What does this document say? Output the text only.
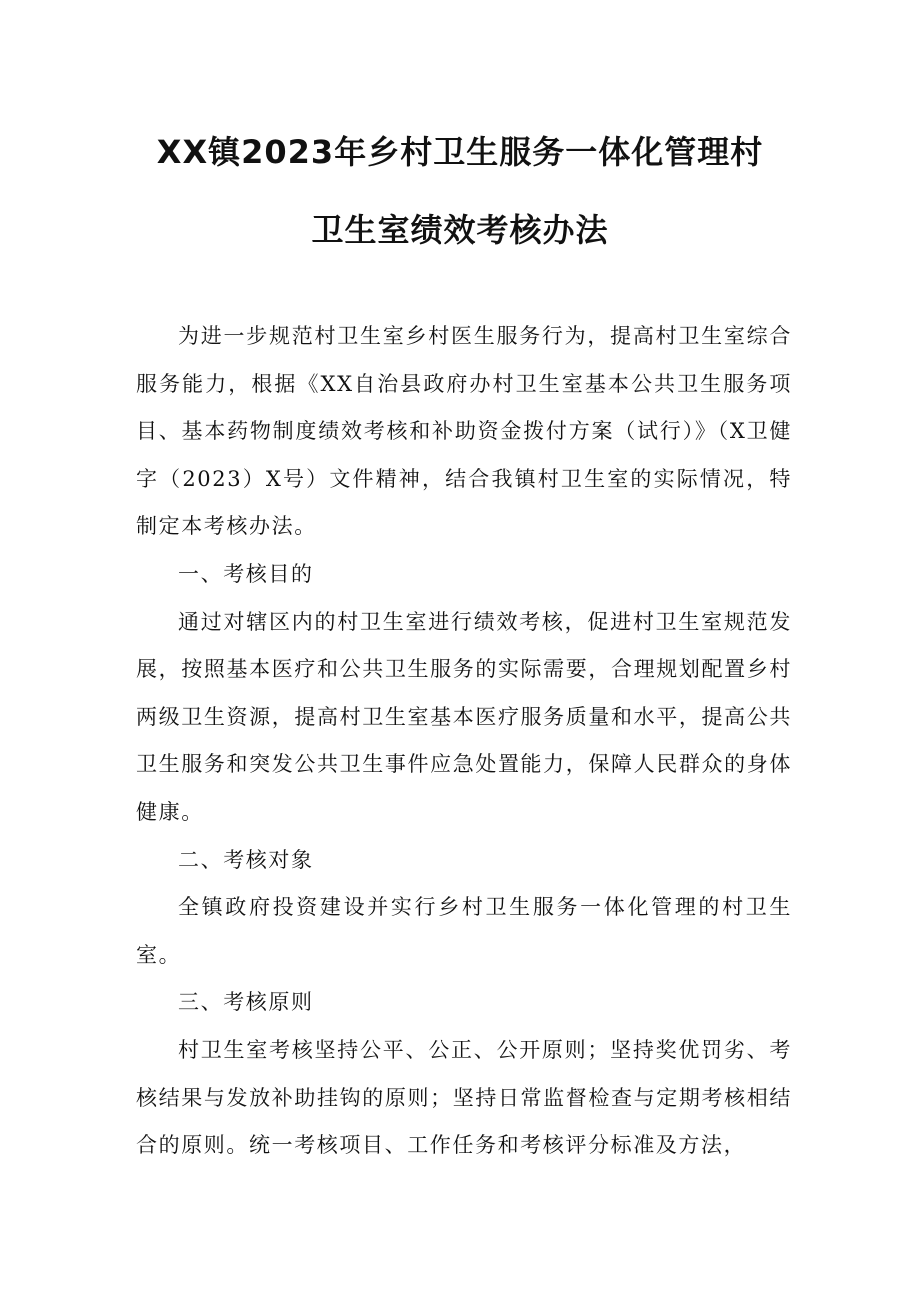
XX镇2023年乡村卫生服务一体化管理村
卫生室绩效考核办法

为进一步规范村卫生室乡村医生服务行为，提高村卫生室综合服务能力，根据《XX自治县政府办村卫生室基本公共卫生服务项目、基本药物制度绩效考核和补助资金拨付方案（试行）》（X卫健字（2023）X号）文件精神，结合我镇村卫生室的实际情况，特制定本考核办法。

一、考核目的

通过对辖区内的村卫生室进行绩效考核，促进村卫生室规范发展，按照基本医疗和公共卫生服务的实际需要，合理规划配置乡村两级卫生资源，提高村卫生室基本医疗服务质量和水平，提高公共卫生服务和突发公共卫生事件应急处置能力，保障人民群众的身体健康。

二、考核对象

全镇政府投资建设并实行乡村卫生服务一体化管理的村卫生室。

三、考核原则

村卫生室考核坚持公平、公正、公开原则；坚持奖优罚劣、考核结果与发放补助挂钩的原则；坚持日常监督检查与定期考核相结合的原则。统一考核项目、工作任务和考核评分标准及方法，
